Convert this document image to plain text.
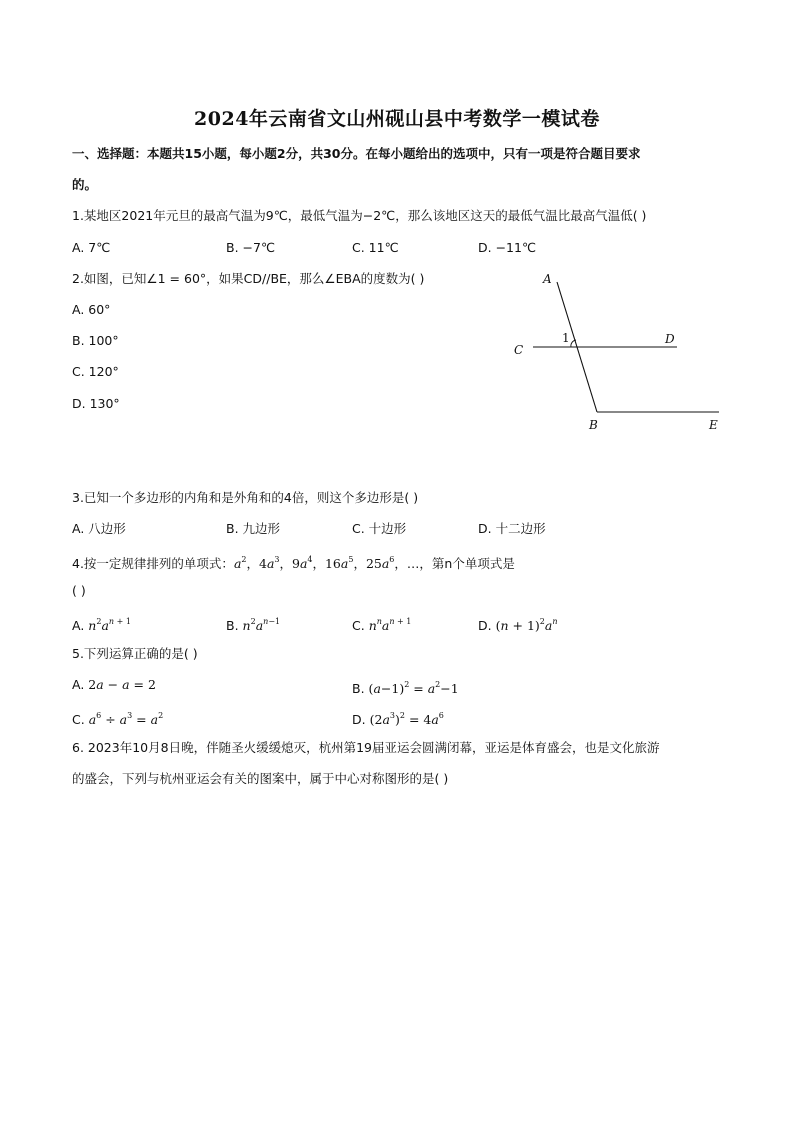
2024年云南省文山州砚山县中考数学一模试卷
一、选择题：本题共15小题，每小题2分，共30分。在每小题给出的选项中，只有一项是符合题目要求
的。
1.某地区2021年元旦的最高气温为9℃，最低气温为−2℃，那么该地区这天的最低气温比最高气温低( )
A. 7℃	B. −7℃	C. 11℃	D. −11℃
2.如图，已知∠1 = 60°，如果CD//BE，那么∠EBA的度数为( )
A. 60°
B. 100°
C. 120°
D. 130°
A
C
1	D
B	E
3.已知一个多边形的内角和是外角和的4倍，则这个多边形是( )
A. 八边形	B. 九边形	C. 十边形	D. 十二边形
4.按一定规律排列的单项式：$a^2$，$4a^3$，$9a^4$，$16a^5$，$25a^6$，…，第n个单项式是
( )
A. $n^2a^{n + 1}$	B. $n^2a^{n-1}$	C. $n^na^{n + 1}$	D. $(n + 1)^2a^n$
5.下列运算正确的是( )
A. 2a − a = 2	B. $(a-1)^2 = a^2-1$
C. $a^6 \div a^3 = a^2$	D. $(2a^3)^2 = 4a^6$
6. 2023年10月8日晚，伴随圣火缓缓熄灭，杭州第19届亚运会圆满闭幕，亚运是体育盛会，也是文化旅游
的盛会，下列与杭州亚运会有关的图案中，属于中心对称图形的是( )
